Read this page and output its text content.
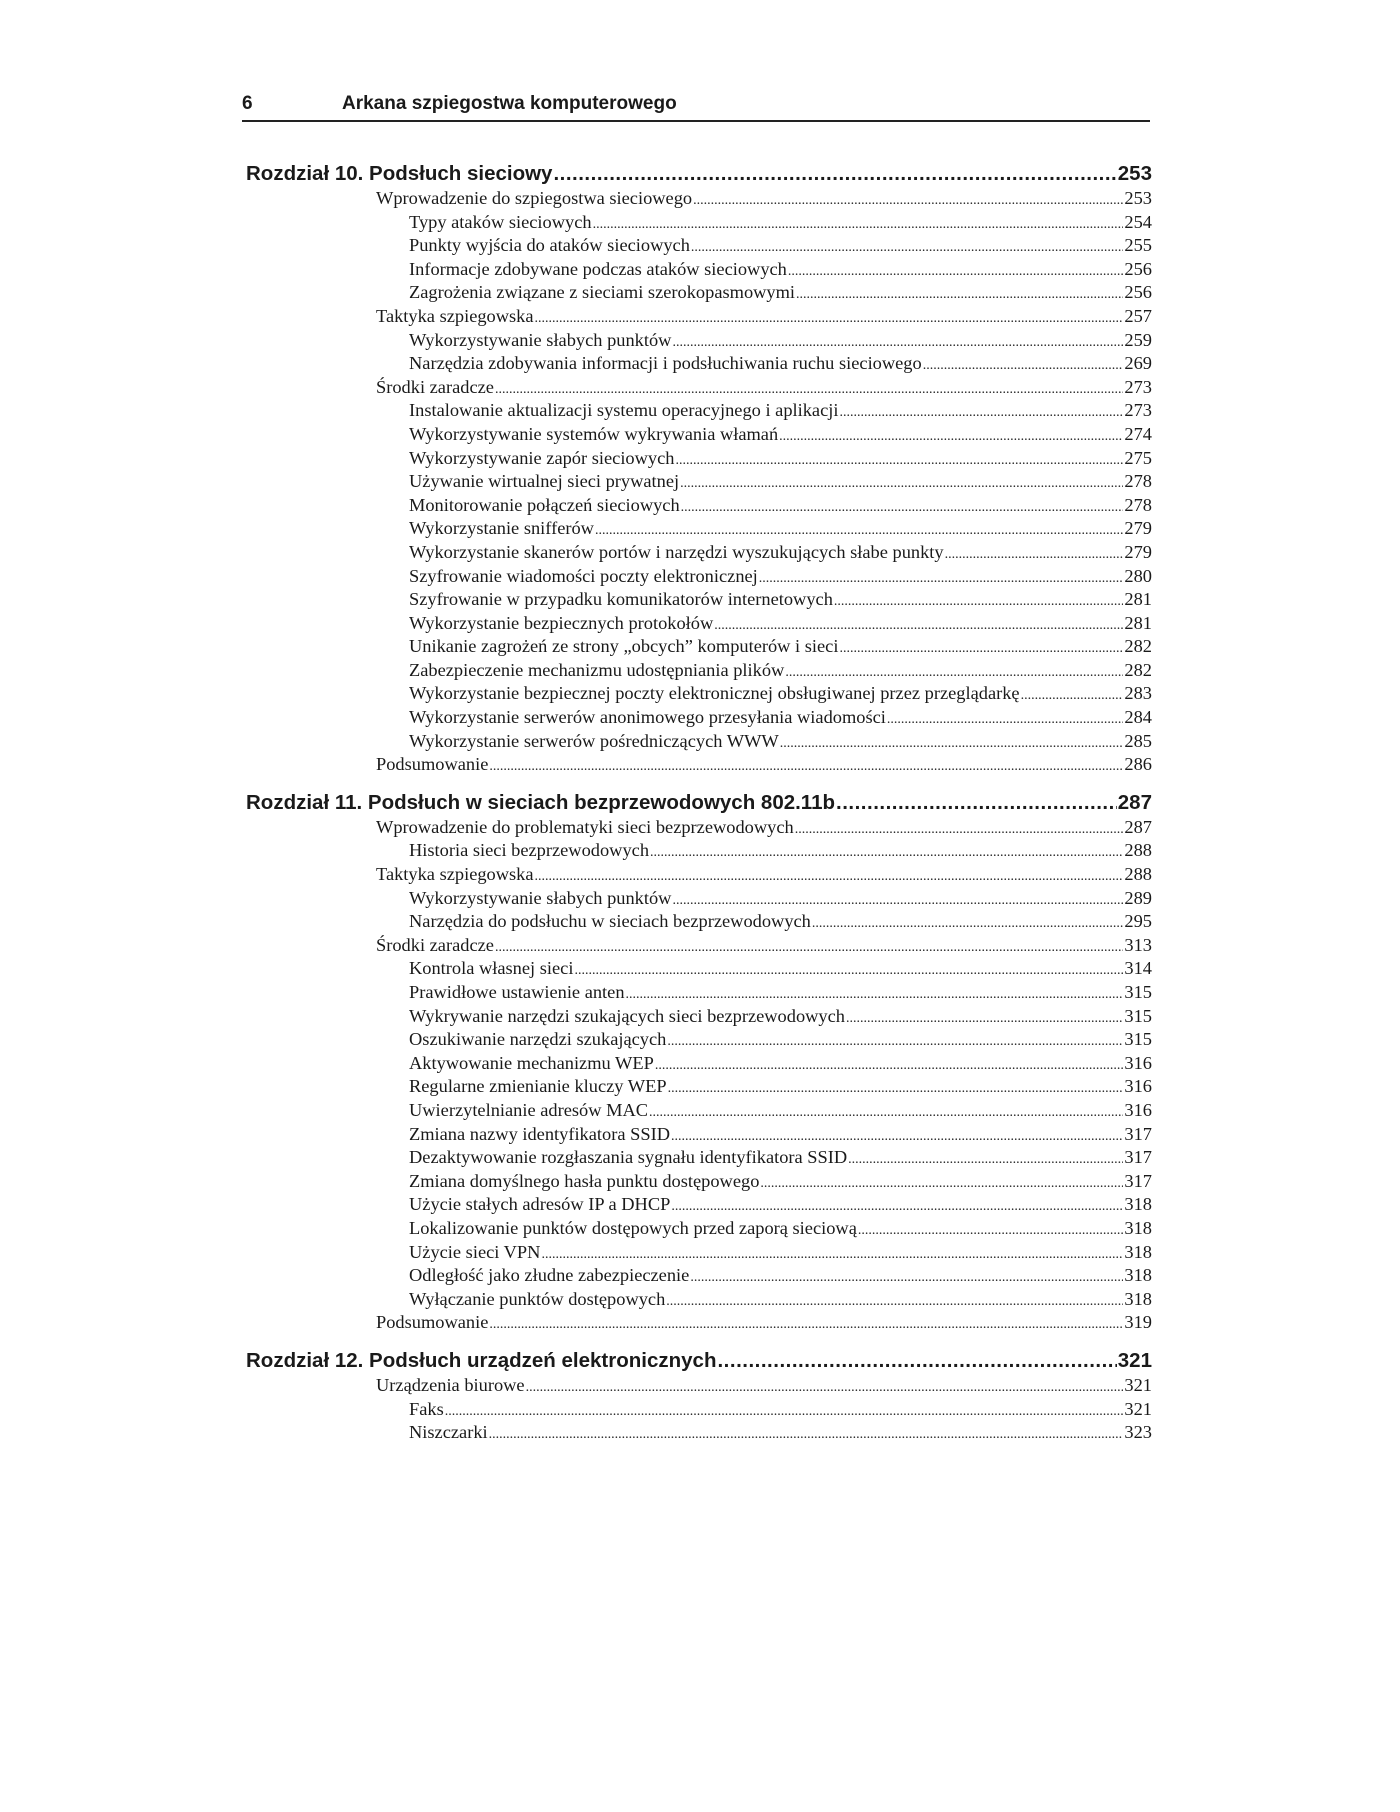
6	Arkana szpiegostwa komputerowego
Rozdział 10. Podsłuch sieciowy .....	253
Wprowadzenie do szpiegostwa sieciowego .....	253
Typy ataków sieciowych .....	254
Punkty wyjścia do ataków sieciowych .....	255
Informacje zdobywane podczas ataków sieciowych .....	256
Zagrożenia związane z sieciami szerokopasmowymi .....	256
Taktyka szpiegowska .....	257
Wykorzystywanie słabych punktów .....	259
Narzędzia zdobywania informacji i podsłuchiwania ruchu sieciowego .....	269
Środki zaradcze .....	273
Instalowanie aktualizacji systemu operacyjnego i aplikacji .....	273
Wykorzystywanie systemów wykrywania włamań .....	274
Wykorzystywanie zapór sieciowych .....	275
Używanie wirtualnej sieci prywatnej .....	278
Monitorowanie połączeń sieciowych .....	278
Wykorzystanie snifferów .....	279
Wykorzystanie skanerów portów i narzędzi wyszukujących słabe punkty .....	279
Szyfrowanie wiadomości poczty elektronicznej .....	280
Szyfrowanie w przypadku komunikatorów internetowych .....	281
Wykorzystanie bezpiecznych protokołów .....	281
Unikanie zagrożeń ze strony „obcych” komputerów i sieci .....	282
Zabezpieczenie mechanizmu udostępniania plików .....	282
Wykorzystanie bezpiecznej poczty elektronicznej obsługiwanej przez przeglądarkę .....	283
Wykorzystanie serwerów anonimowego przesyłania wiadomości .....	284
Wykorzystanie serwerów pośredniczących WWW .....	285
Podsumowanie .....	286
Rozdział 11. Podsłuch w sieciach bezprzewodowych 802.11b .....	287
Wprowadzenie do problematyki sieci bezprzewodowych .....	287
Historia sieci bezprzewodowych .....	288
Taktyka szpiegowska .....	288
Wykorzystywanie słabych punktów .....	289
Narzędzia do podsłuchu w sieciach bezprzewodowych .....	295
Środki zaradcze .....	313
Kontrola własnej sieci .....	314
Prawidłowe ustawienie anten .....	315
Wykrywanie narzędzi szukających sieci bezprzewodowych .....	315
Oszukiwanie narzędzi szukających .....	315
Aktywowanie mechanizmu WEP .....	316
Regularne zmienianie kluczy WEP .....	316
Uwierzytelnianie adresów MAC .....	316
Zmiana nazwy identyfikatora SSID .....	317
Dezaktywowanie rozgłaszania sygnału identyfikatora SSID .....	317
Zmiana domyślnego hasła punktu dostępowego .....	317
Użycie stałych adresów IP a DHCP .....	318
Lokalizowanie punktów dostępowych przed zaporą sieciową .....	318
Użycie sieci VPN .....	318
Odległość jako złudne zabezpieczenie .....	318
Wyłączanie punktów dostępowych .....	318
Podsumowanie .....	319
Rozdział 12. Podsłuch urządzeń elektronicznych .....	321
Urządzenia biurowe .....	321
Faks .....	321
Niszczarki .....	323
